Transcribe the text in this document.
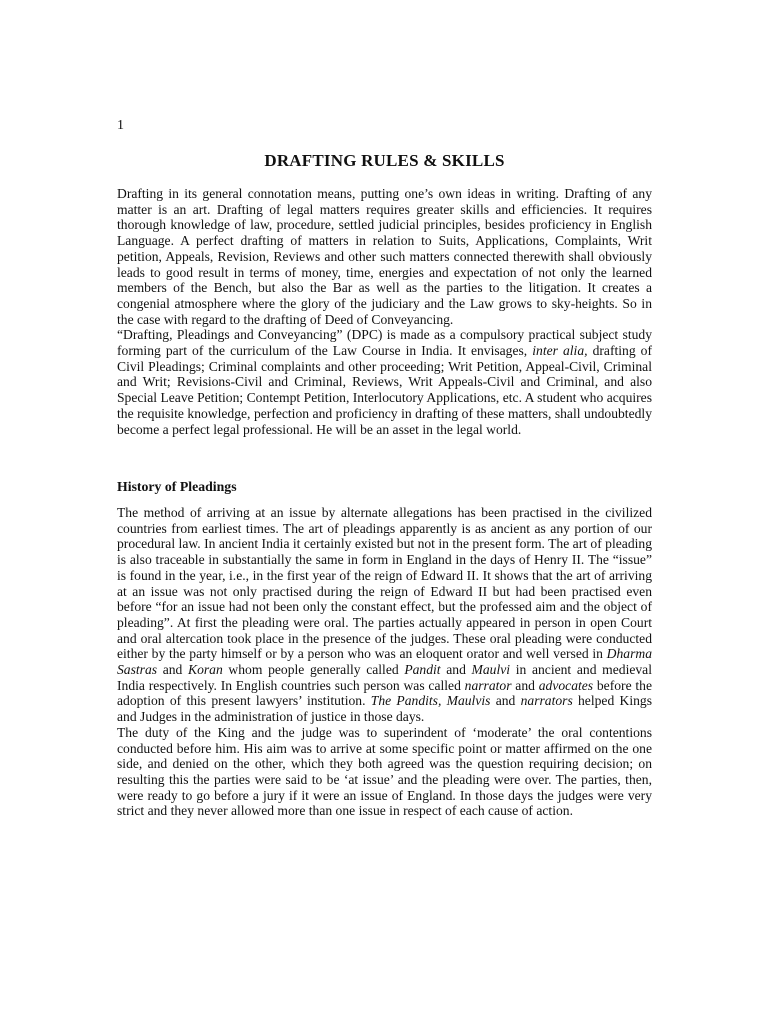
1
DRAFTING RULES & SKILLS

Drafting in its general connotation means, putting one’s own ideas in writing. Drafting of any matter is an art. Drafting of legal matters requires greater skills and efficiencies. It requires thorough knowledge of law, procedure, settled judicial principles, besides proficiency in English Language. A perfect drafting of matters in relation to Suits, Applications, Complaints, Writ petition, Appeals, Revision, Reviews and other such matters connected therewith shall obviously leads to good result in terms of money, time, energies and expectation of not only the learned members of the Bench, but also the Bar as well as the parties to the litigation. It creates a congenial atmosphere where the glory of the judiciary and the Law grows to sky-heights. So in the case with regard to the drafting of Deed of Conveyancing.

“Drafting, Pleadings and Conveyancing” (DPC) is made as a compulsory practical subject study forming part of the curriculum of the Law Course in India. It envisages, inter alia, drafting of Civil Pleadings; Criminal complaints and other proceeding; Writ Petition, Appeal-Civil, Criminal and Writ; Revisions-Civil and Criminal, Reviews, Writ Appeals-Civil and Criminal, and also Special Leave Petition; Contempt Petition, Interlocutory Applications, etc. A student who acquires the requisite knowledge, perfection and proficiency in drafting of these matters, shall undoubtedly become a perfect legal professional. He will be an asset in the legal world.

History of Pleadings

The method of arriving at an issue by alternate allegations has been practised in the civilized countries from earliest times. The art of pleadings apparently is as ancient as any portion of our procedural law. In ancient India it certainly existed but not in the present form. The art of pleading is also traceable in substantially the same in form in England in the days of Henry II. The “issue” is found in the year, i.e., in the first year of the reign of Edward II. It shows that the art of arriving at an issue was not only practised during the reign of Edward II but had been practised even before “for an issue had not been only the constant effect, but the professed aim and the object of pleading”. At first the pleading were oral. The parties actually appeared in person in open Court and oral altercation took place in the presence of the judges. These oral pleading were conducted either by the party himself or by a person who was an eloquent orator and well versed in Dharma Sastras and Koran whom people generally called Pandit and Maulvi in ancient and medieval India respectively. In English countries such person was called narrator and advocates before the adoption of this present lawyers’ institution. The Pandits, Maulvis and narrators helped Kings and Judges in the administration of justice in those days.

The duty of the King and the judge was to superindent of ‘moderate’ the oral contentions conducted before him. His aim was to arrive at some specific point or matter affirmed on the one side, and denied on the other, which they both agreed was the question requiring decision; on resulting this the parties were said to be ‘at issue’ and the pleading were over. The parties, then, were ready to go before a jury if it were an issue of England. In those days the judges were very strict and they never allowed more than one issue in respect of each cause of action.
